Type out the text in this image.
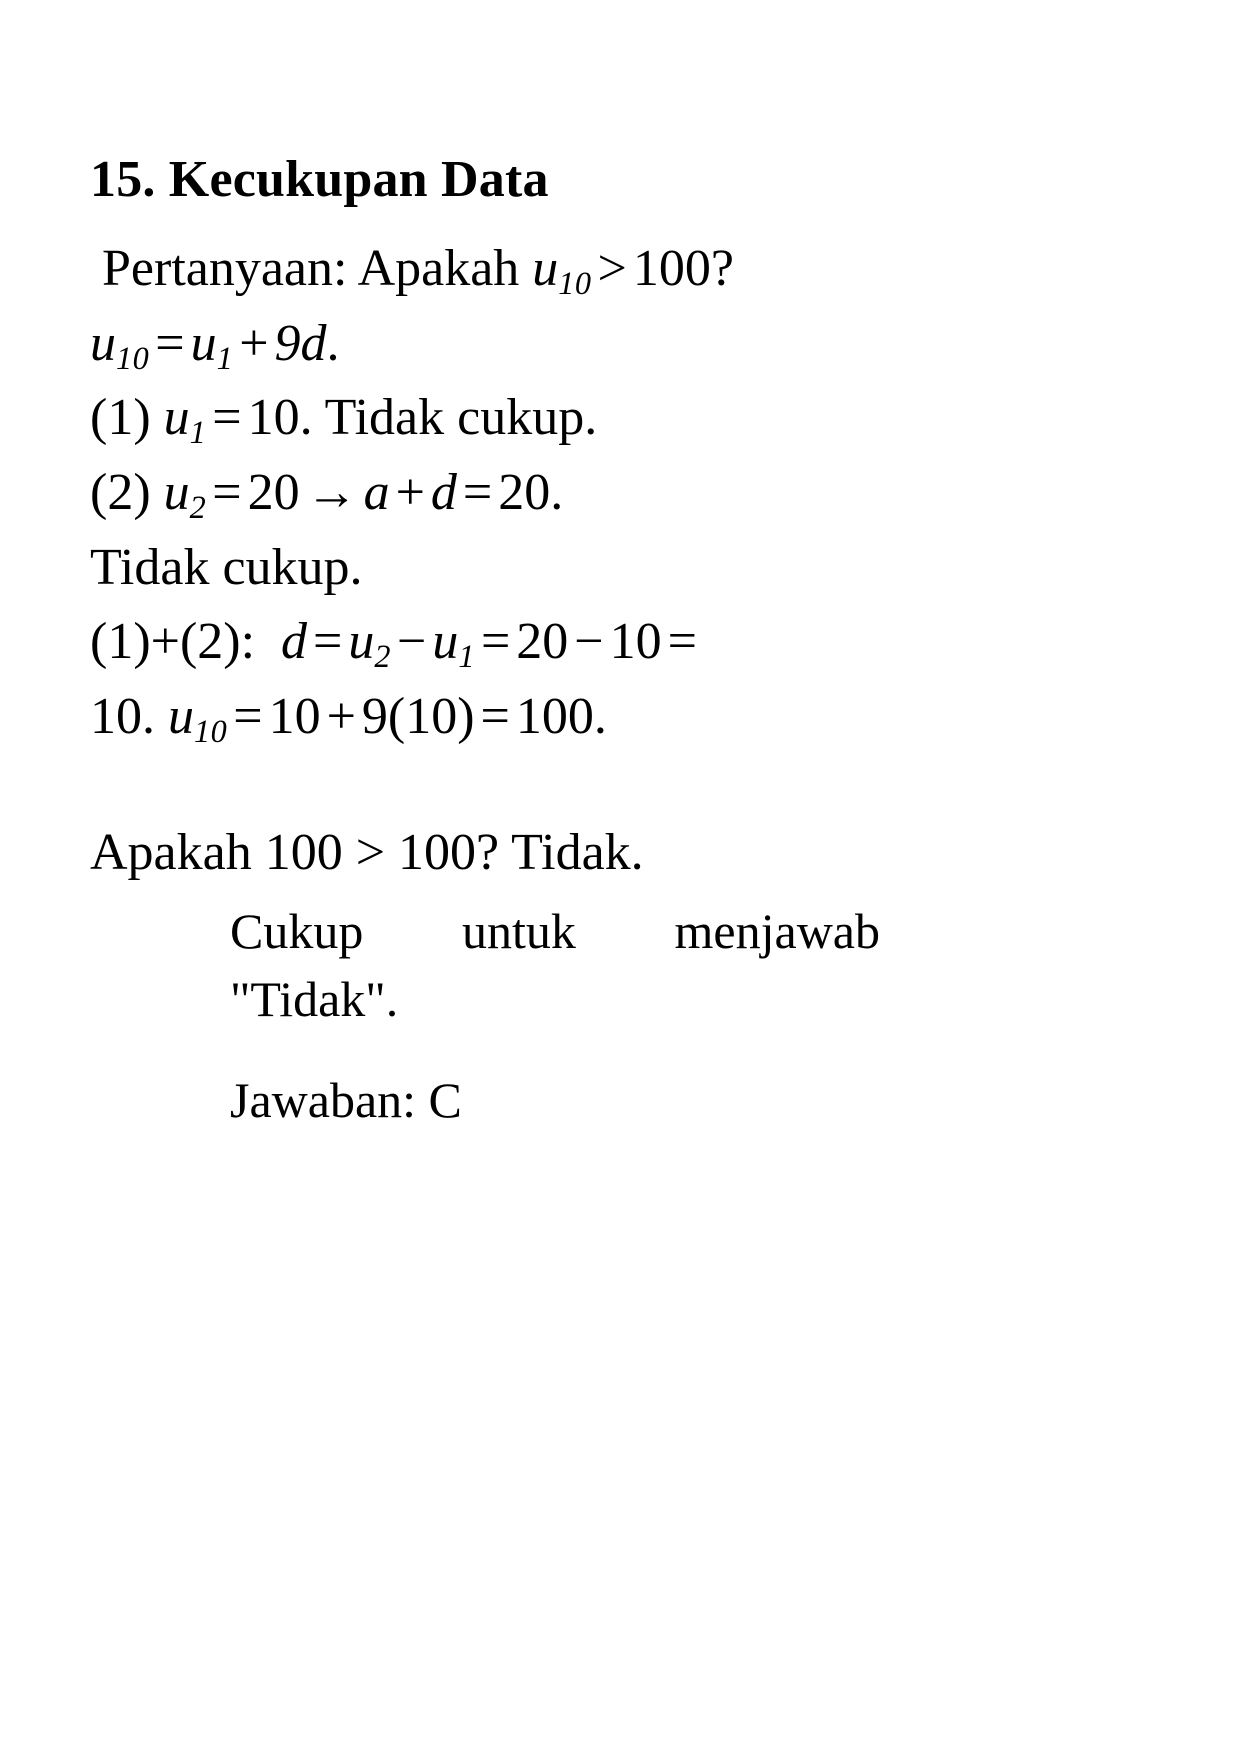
15. Kecukupan Data

Pertanyaan: Apakah $u_{10} > 100$?

$u_{10} = u_1 + 9d$.

(1) $u_1 = 10$. Tidak cukup.

(2) $u_2 = 20 \to a + d = 20$.

Tidak cukup.

(1)+(2): $d = u_2 - u_1 = 20 - 10$ =

10. $u_{10} = 10 + 9(10) = 100$.

Apakah 100 > 100? Tidak.

Cukup untuk menjawab

"Tidak".

Jawaban: C
